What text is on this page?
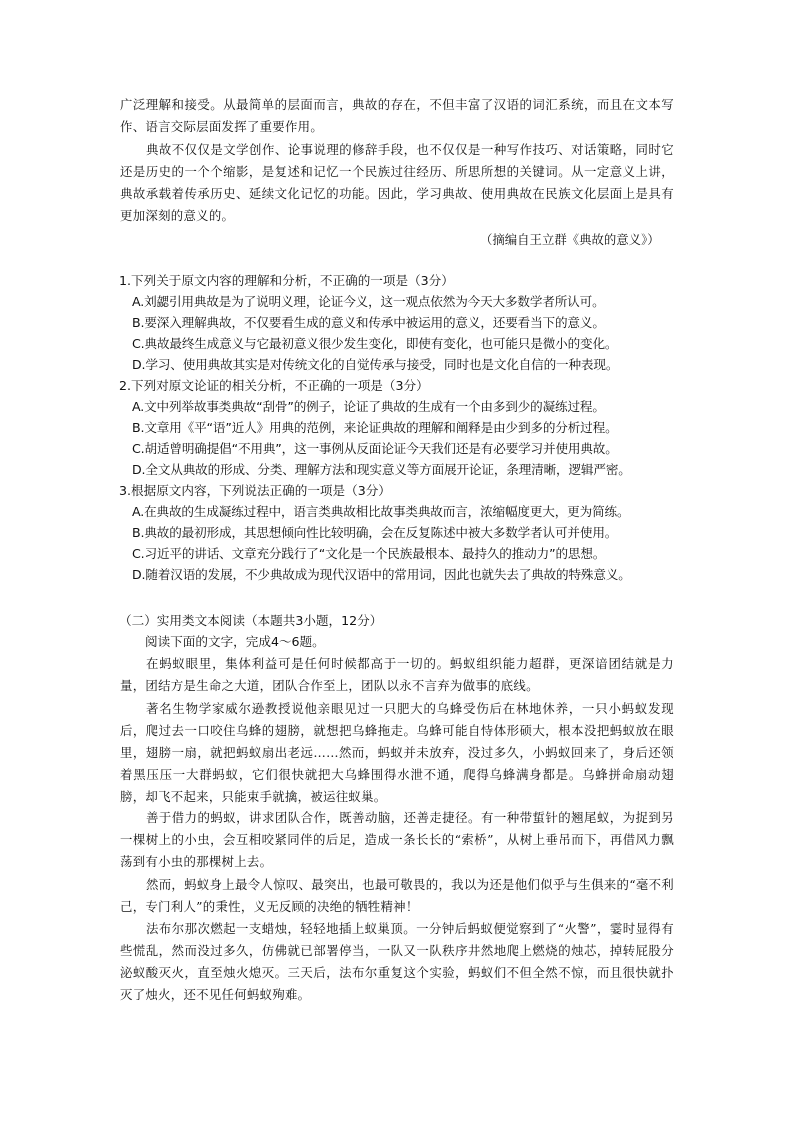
广泛理解和接受。从最简单的层面而言，典故的存在，不但丰富了汉语的词汇系统，而且在文本写作、语言交际层面发挥了重要作用。

典故不仅仅是文学创作、论事说理的修辞手段，也不仅仅是一种写作技巧、对话策略，同时它还是历史的一个个缩影，是复述和记忆一个民族过往经历、所思所想的关键词。从一定意义上讲，典故承载着传承历史、延续文化记忆的功能。因此，学习典故、使用典故在民族文化层面上是具有更加深刻的意义的。

（摘编自王立群《典故的意义》）

1.下列关于原文内容的理解和分析，不正确的一项是（3分）

A.刘勰引用典故是为了说明义理，论证今义，这一观点依然为今天大多数学者所认可。

B.要深入理解典故，不仅要看生成的意义和传承中被运用的意义，还要看当下的意义。

C.典故最终生成意义与它最初意义很少发生变化，即使有变化，也可能只是微小的变化。

D.学习、使用典故其实是对传统文化的自觉传承与接受，同时也是文化自信的一种表现。

2.下列对原文论证的相关分析，不正确的一项是（3分）

A.文中列举故事类典故“刮骨”的例子，论证了典故的生成有一个由多到少的凝练过程。

B.文章用《平“语”近人》用典的范例，来论证典故的理解和阐释是由少到多的分析过程。

C.胡适曾明确提倡“不用典”，这一事例从反面论证今天我们还是有必要学习并使用典故。

D.全文从典故的形成、分类、理解方法和现实意义等方面展开论证，条理清晰，逻辑严密。

3.根据原文内容，下列说法正确的一项是（3分）

A.在典故的生成凝练过程中，语言类典故相比故事类典故而言，浓缩幅度更大，更为简练。

B.典故的最初形成，其思想倾向性比较明确，会在反复陈述中被大多数学者认可并使用。

C.习近平的讲话、文章充分践行了“文化是一个民族最根本、最持久的推动力”的思想。

D.随着汉语的发展，不少典故成为现代汉语中的常用词，因此也就失去了典故的特殊意义。

（二）实用类文本阅读（本题共3小题，12分）

阅读下面的文字，完成4～6题。

在蚂蚁眼里，集体利益可是任何时候都高于一切的。蚂蚁组织能力超群，更深谙团结就是力量，团结方是生命之大道，团队合作至上，团队以永不言弃为做事的底线。

著名生物学家威尔逊教授说他亲眼见过一只肥大的乌蜂受伤后在林地休养，一只小蚂蚁发现后，爬过去一口咬住乌蜂的翅膀，就想把乌蜂拖走。乌蜂可能自恃体形硕大，根本没把蚂蚁放在眼里，翅膀一扇，就把蚂蚁扇出老远……然而，蚂蚁并未放弃，没过多久，小蚂蚁回来了，身后还领着黑压压一大群蚂蚁，它们很快就把大乌蜂围得水泄不通，爬得乌蜂满身都是。乌蜂拼命扇动翅膀，却飞不起来，只能束手就擒，被运往蚁巢。

善于借力的蚂蚁，讲求团队合作，既善动脑，还善走捷径。有一种带蜇针的翘尾蚁，为捉到另一棵树上的小虫，会互相咬紧同伴的后足，造成一条长长的“索桥”，从树上垂吊而下，再借风力飘荡到有小虫的那棵树上去。

然而，蚂蚁身上最令人惊叹、最突出，也最可敬畏的，我以为还是他们似乎与生俱来的“毫不利己，专门利人”的秉性，义无反顾的决绝的牺牲精神！

法布尔那次燃起一支蜡烛，轻轻地插上蚁巢顶。一分钟后蚂蚁便觉察到了“火警”，霎时显得有些慌乱，然而没过多久，仿佛就已部署停当，一队又一队秩序井然地爬上燃烧的烛芯，掉转屁股分泌蚁酸灭火，直至烛火熄灭。三天后，法布尔重复这个实验，蚂蚁们不但全然不惊，而且很快就扑灭了烛火，还不见任何蚂蚁殉难。
